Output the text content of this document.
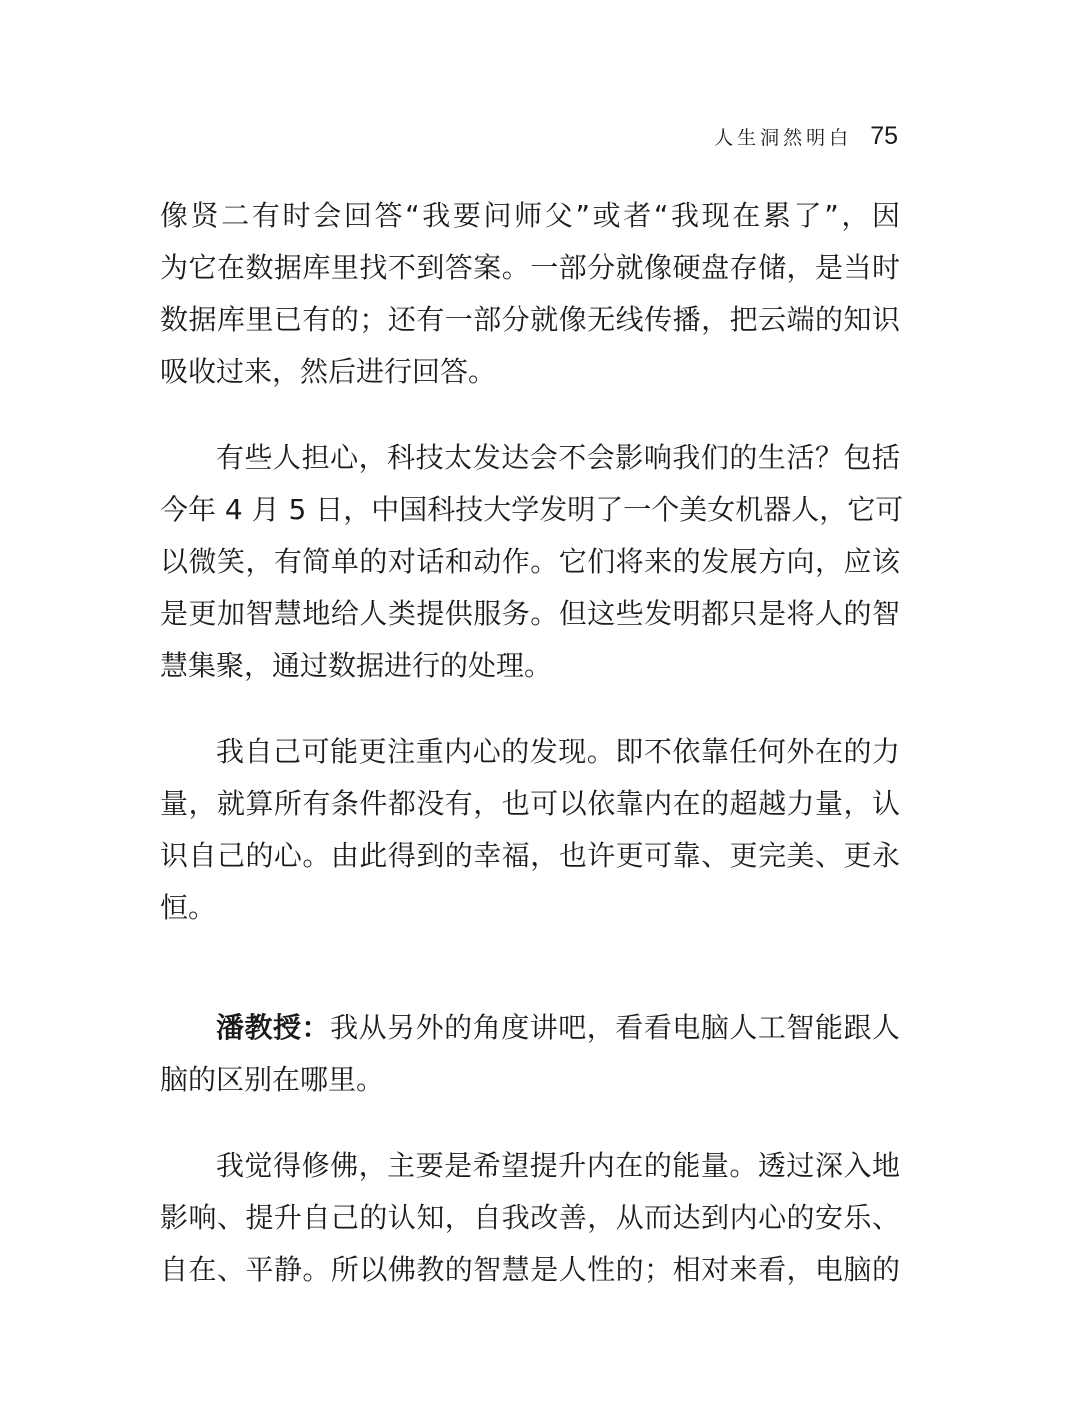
人生洞然明白 75
像贤二有时会回答“我要问师父”或者“我现在累了”，因
为它在数据库里找不到答案。一部分就像硬盘存储，是当时
数据库里已有的；还有一部分就像无线传播，把云端的知识
吸收过来，然后进行回答。
有些人担心，科技太发达会不会影响我们的生活？包括
今年 4 月 5 日，中国科技大学发明了一个美女机器人，它可
以微笑，有简单的对话和动作。它们将来的发展方向，应该
是更加智慧地给人类提供服务。但这些发明都只是将人的智
慧集聚，通过数据进行的处理。
我自己可能更注重内心的发现。即不依靠任何外在的力
量，就算所有条件都没有，也可以依靠内在的超越力量，认
识自己的心。由此得到的幸福，也许更可靠、更完美、更永
恒。
潘教授：我从另外的角度讲吧，看看电脑人工智能跟人
脑的区别在哪里。
我觉得修佛，主要是希望提升内在的能量。透过深入地
影响、提升自己的认知，自我改善，从而达到内心的安乐、
自在、平静。所以佛教的智慧是人性的；相对来看，电脑的
